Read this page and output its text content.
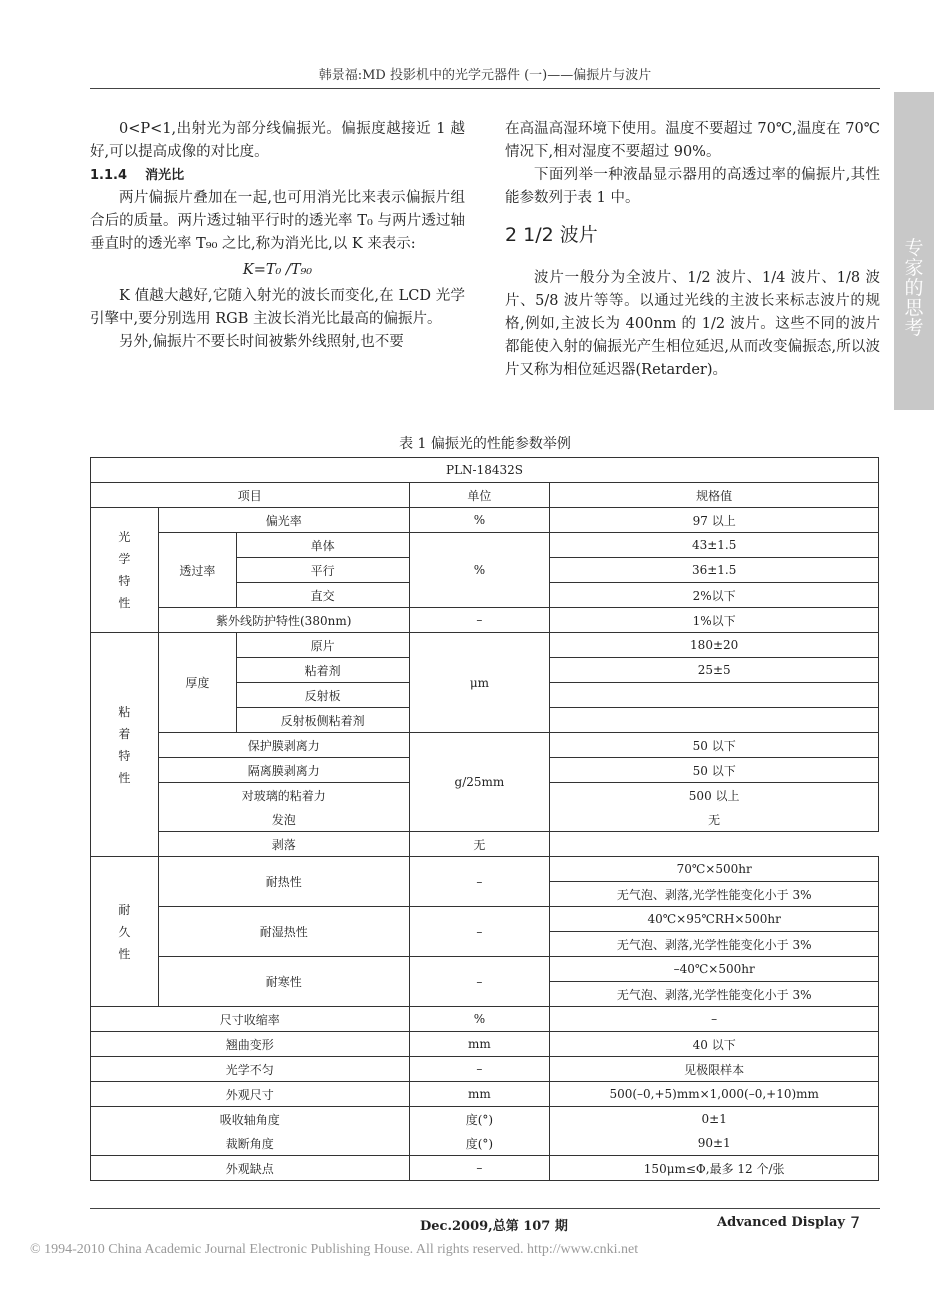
韩景福:MD 投影机中的光学元器件 (一)——偏振片与波片

0<P<1,出射光为部分线偏振光。偏振度越接近 1 越好,可以提高成像的对比度。

1.1.4 消光比

两片偏振片叠加在一起,也可用消光比来表示偏振片组合后的质量。两片透过轴平行时的透光率 T₀ 与两片透过轴垂直时的透光率 T₉₀ 之比,称为消光比,以 K 来表示:

K=T₀ /T₉₀

K 值越大越好,它随入射光的波长而变化,在 LCD 光学引擎中,要分别选用 RGB 主波长消光比最高的偏振片。

另外,偏振片不要长时间被紫外线照射,也不要

在高温高湿环境下使用。温度不要超过 70℃,温度在 70℃情况下,相对湿度不要超过 90%。

下面列举一种液晶显示器用的高透过率的偏振片,其性能参数列于表 1 中。

2 1/2 波片

波片一般分为全波片、1/2 波片、1/4 波片、1/8 波片、5/8 波片等等。以通过光线的主波长来标志波片的规格,例如,主波长为 400nm 的 1/2 波片。这些不同的波片都能使入射的偏振光产生相位延迟,从而改变偏振态,所以波片又称为相位延迟器(Retarder)。

专家的思考
表 1 偏振光的性能参数举例
PLN-18432S				
项目			单位	规格值
光学特性	偏光率		%	97 以上
	透过率	单体	%	43±1.5
		平行		36±1.5
		直交		2%以下
	紫外线防护特性(380nm)		–	1%以下
粘着特性	厚度	原片	μm	180±20
		粘着剂		25±5
		反射板		
		反射板侧粘着剂		
	保护膜剥离力		g/25mm	50 以下
	隔离膜剥离力			50 以下
	对玻璃的粘着力			500 以上
	发泡			无
	剥落		无	
耐久性	耐热性		–	70℃×500hr
				无气泡、剥落,光学性能变化小于 3%
	耐湿热性		–	40℃×95℃RH×500hr
				无气泡、剥落,光学性能变化小于 3%
	耐寒性		–	–40℃×500hr
				无气泡、剥落,光学性能变化小于 3%
尺寸收缩率			%	–
翘曲变形			mm	40 以下
光学不匀			–	见极限样本
外观尺寸			mm	500(–0,+5)mm×1,000(–0,+10)mm
吸收轴角度			度(°)	0±1
裁断角度			度(°)	90±1
外观缺点			–	150μm≤Φ,最多 12 个/张
Dec.2009,总第 107 期	Advanced Display 7
© 1994-2010 China Academic Journal Electronic Publishing House. All rights reserved. http://www.cnki.net
